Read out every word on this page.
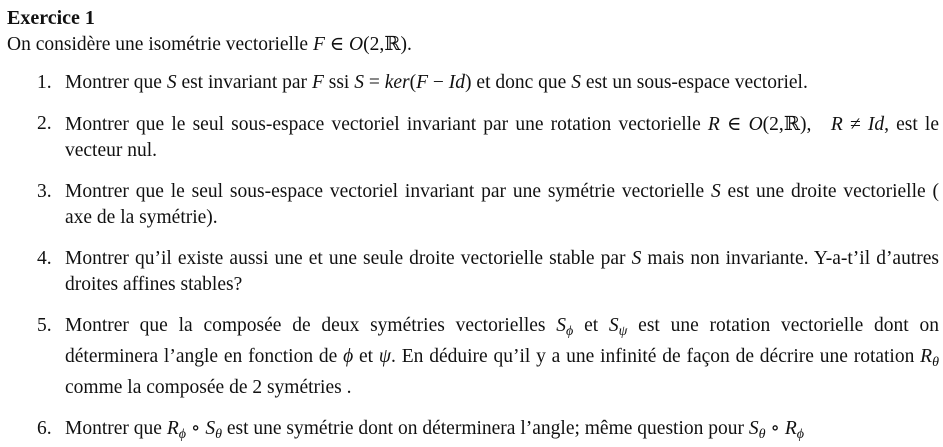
Exercice 1

On considère une isométrie vectorielle F ∈ O(2,ℝ).

1. Montrer que S est invariant par F ssi S = ker(F − Id) et donc que S est un sous-espace vectoriel.
2. Montrer que le seul sous-espace vectoriel invariant par une rotation vectorielle R ∈ O(2,ℝ), R ≠ Id, est le vecteur nul.
3. Montrer que le seul sous-espace vectoriel invariant par une symétrie vectorielle S est une droite vectorielle ( axe de la symétrie).
4. Montrer qu’il existe aussi une et une seule droite vectorielle stable par S mais non invariante. Y-a-t’il d’autres droites affines stables?
5. Montrer que la composée de deux symétries vectorielles $S_\phi$ et $S_\psi$ est une rotation vectorielle dont on déterminera l’angle en fonction de ϕ et ψ. En déduire qu’il y a une infinité de façon de décrire une rotation $R_\theta$ comme la composée de 2 symétries .
6. Montrer que $R_\phi$ ∘ $S_\theta$ est une symétrie dont on déterminera l’angle; même question pour $S_\theta$ ∘ $R_\phi$
